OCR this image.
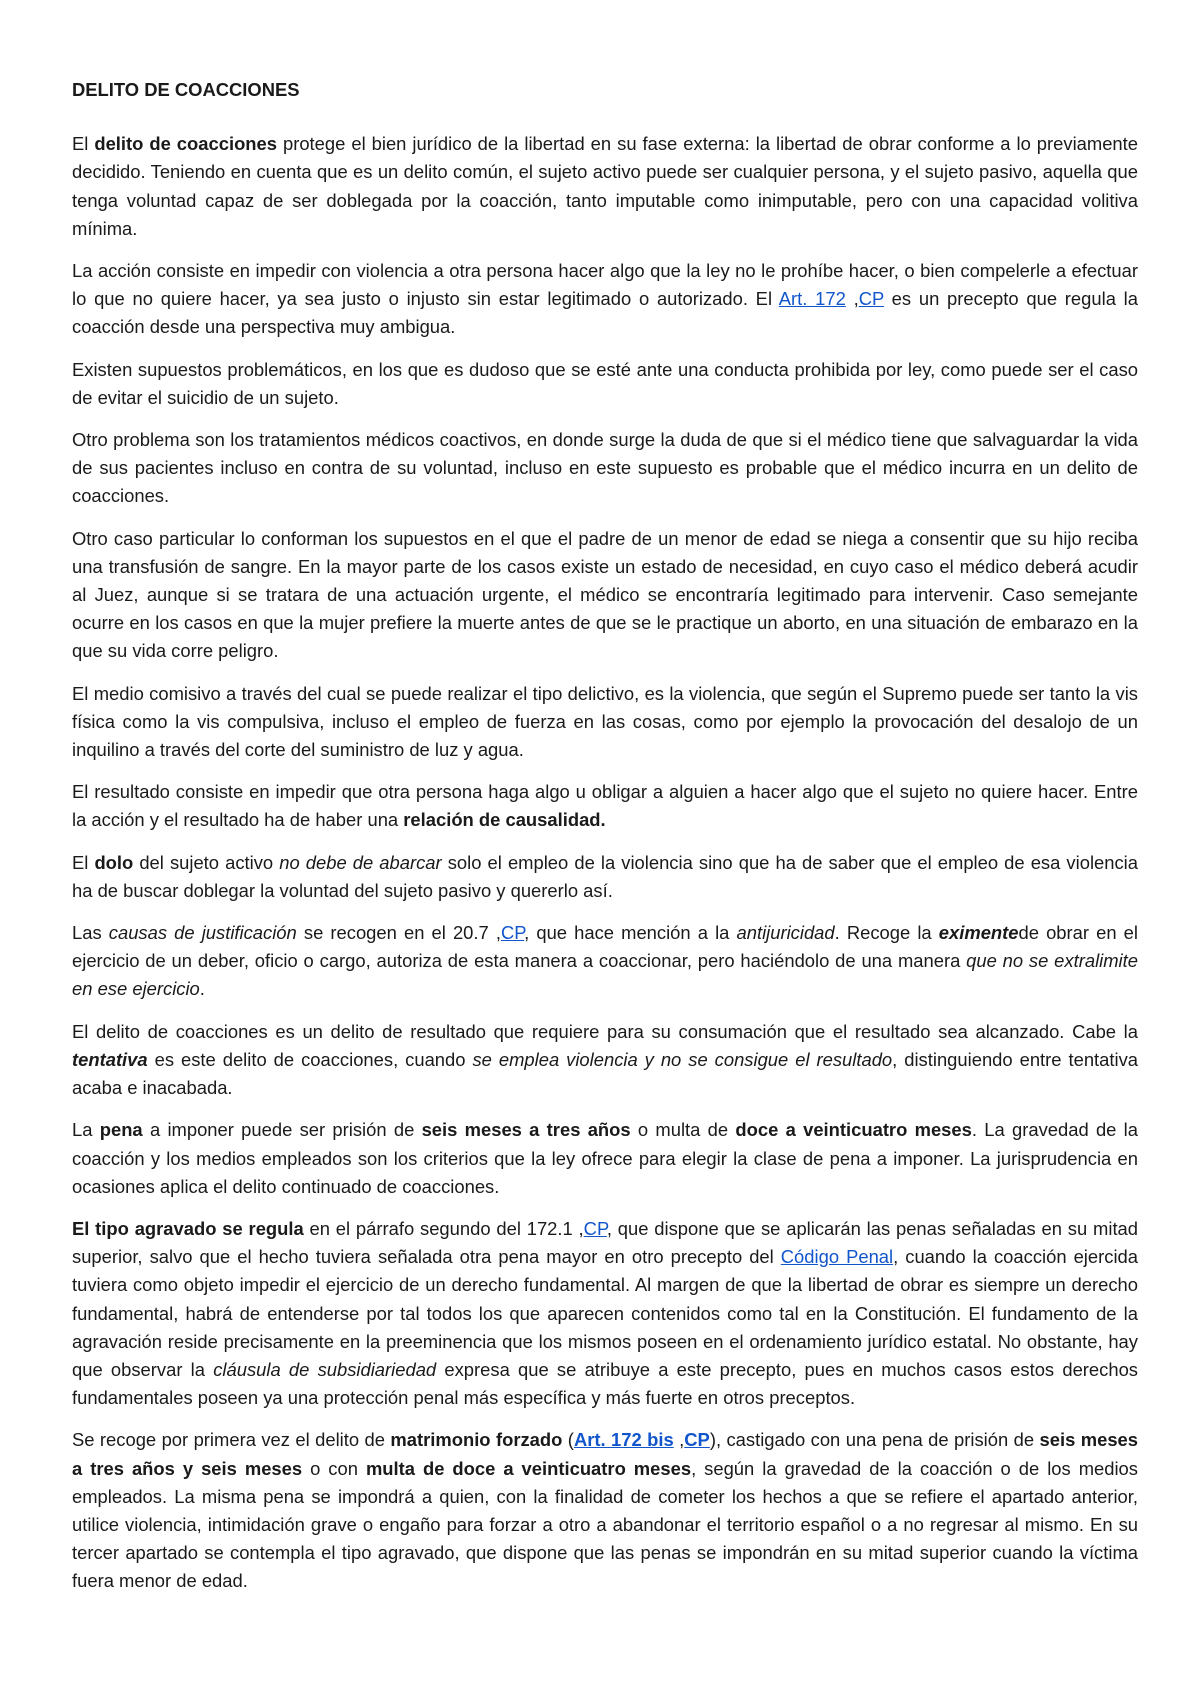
DELITO DE COACCIONES

El delito de coacciones protege el bien jurídico de la libertad en su fase externa: la libertad de obrar conforme a lo previamente decidido. Teniendo en cuenta que es un delito común, el sujeto activo puede ser cualquier persona, y el sujeto pasivo, aquella que tenga voluntad capaz de ser doblegada por la coacción, tanto imputable como inimputable, pero con una capacidad volitiva mínima.

La acción consiste en impedir con violencia a otra persona hacer algo que la ley no le prohíbe hacer, o bien compelerle a efectuar lo que no quiere hacer, ya sea justo o injusto sin estar legitimado o autorizado. El Art. 172 ,CP es un precepto que regula la coacción desde una perspectiva muy ambigua.

Existen supuestos problemáticos, en los que es dudoso que se esté ante una conducta prohibida por ley, como puede ser el caso de evitar el suicidio de un sujeto.

Otro problema son los tratamientos médicos coactivos, en donde surge la duda de que si el médico tiene que salvaguardar la vida de sus pacientes incluso en contra de su voluntad, incluso en este supuesto es probable que el médico incurra en un delito de coacciones.

Otro caso particular lo conforman los supuestos en el que el padre de un menor de edad se niega a consentir que su hijo reciba una transfusión de sangre. En la mayor parte de los casos existe un estado de necesidad, en cuyo caso el médico deberá acudir al Juez, aunque si se tratara de una actuación urgente, el médico se encontraría legitimado para intervenir. Caso semejante ocurre en los casos en que la mujer prefiere la muerte antes de que se le practique un aborto, en una situación de embarazo en la que su vida corre peligro.

El medio comisivo a través del cual se puede realizar el tipo delictivo, es la violencia, que según el Supremo puede ser tanto la vis física como la vis compulsiva, incluso el empleo de fuerza en las cosas, como por ejemplo la provocación del desalojo de un inquilino a través del corte del suministro de luz y agua.

El resultado consiste en impedir que otra persona haga algo u obligar a alguien a hacer algo que el sujeto no quiere hacer. Entre la acción y el resultado ha de haber una relación de causalidad.

El dolo del sujeto activo no debe de abarcar solo el empleo de la violencia sino que ha de saber que el empleo de esa violencia ha de buscar doblegar la voluntad del sujeto pasivo y quererlo así.

Las causas de justificación se recogen en el 20.7 ,CP, que hace mención a la antijuricidad. Recoge la eximentede obrar en el ejercicio de un deber, oficio o cargo, autoriza de esta manera a coaccionar, pero haciéndolo de una manera que no se extralimite en ese ejercicio.

El delito de coacciones es un delito de resultado que requiere para su consumación que el resultado sea alcanzado. Cabe la tentativa es este delito de coacciones, cuando se emplea violencia y no se consigue el resultado, distinguiendo entre tentativa acaba e inacabada.

La pena a imponer puede ser prisión de seis meses a tres años o multa de doce a veinticuatro meses. La gravedad de la coacción y los medios empleados son los criterios que la ley ofrece para elegir la clase de pena a imponer. La jurisprudencia en ocasiones aplica el delito continuado de coacciones.

El tipo agravado se regula en el párrafo segundo del 172.1 ,CP, que dispone que se aplicarán las penas señaladas en su mitad superior, salvo que el hecho tuviera señalada otra pena mayor en otro precepto del Código Penal, cuando la coacción ejercida tuviera como objeto impedir el ejercicio de un derecho fundamental. Al margen de que la libertad de obrar es siempre un derecho fundamental, habrá de entenderse por tal todos los que aparecen contenidos como tal en la Constitución. El fundamento de la agravación reside precisamente en la preeminencia que los mismos poseen en el ordenamiento jurídico estatal. No obstante, hay que observar la cláusula de subsidiariedad expresa que se atribuye a este precepto, pues en muchos casos estos derechos fundamentales poseen ya una protección penal más específica y más fuerte en otros preceptos.

Se recoge por primera vez el delito de matrimonio forzado (Art. 172 bis ,CP), castigado con una pena de prisión de seis meses a tres años y seis meses o con multa de doce a veinticuatro meses, según la gravedad de la coacción o de los medios empleados. La misma pena se impondrá a quien, con la finalidad de cometer los hechos a que se refiere el apartado anterior, utilice violencia, intimidación grave o engaño para forzar a otro a abandonar el territorio español o a no regresar al mismo. En su tercer apartado se contempla el tipo agravado, que dispone que las penas se impondrán en su mitad superior cuando la víctima fuera menor de edad.
